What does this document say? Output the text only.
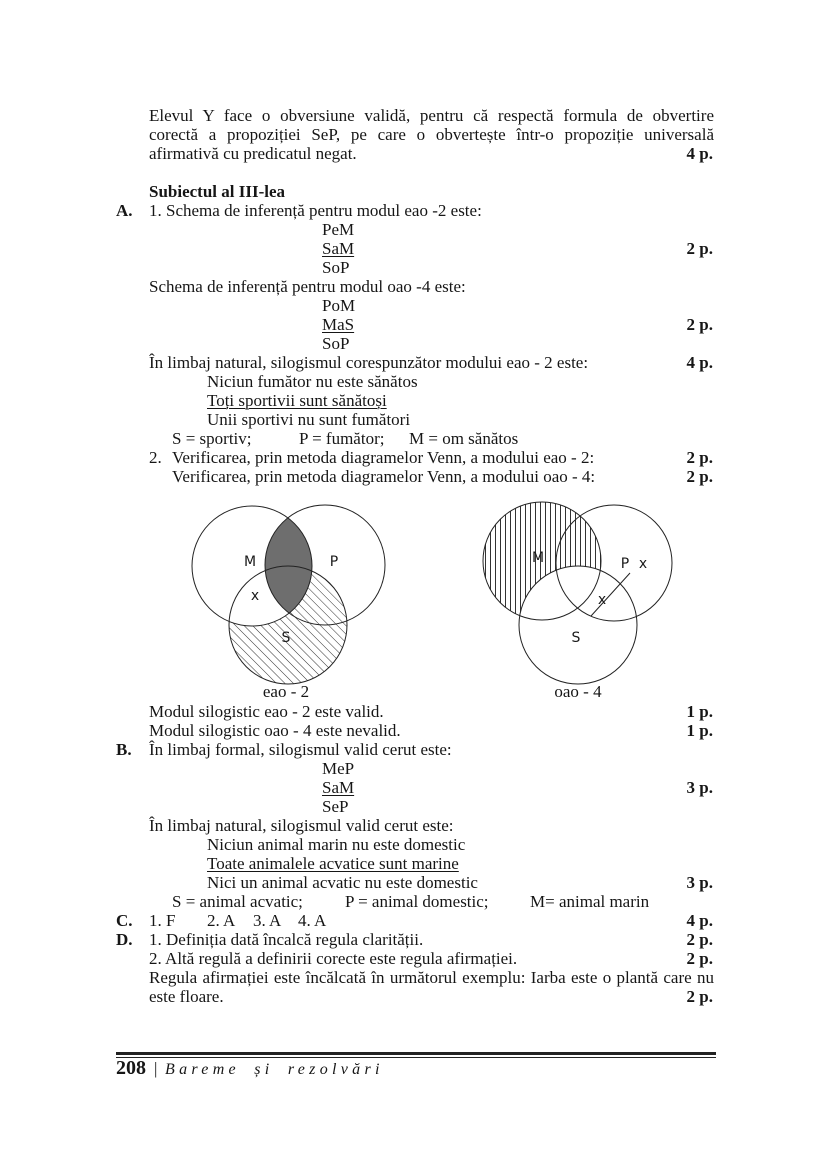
Elevul Y face o obversiune validă, pentru că respectă formula de obvertire
corectă a propoziției SeP, pe care o obvertește într-o propoziție universală
afirmativă cu predicatul negat.	4 p.
Subiectul al III-lea
A. 1. Schema de inferență pentru modul eao -2 este:
PeM
SaM	2 p.
SoP
Schema de inferență pentru modul oao -4 este:
PoM
MaS	2 p.
SoP
În limbaj natural, silogismul corespunzător modului eao - 2 este:	4 p.
Niciun fumător nu este sănătos
Toți sportivii sunt sănătoși
Unii sportivi nu sunt fumători
S = sportiv;	P = fumător; M = om sănătos
2. Verificarea, prin metoda diagramelor Venn, a modului eao - 2:	2 p.
Verificarea, prin metoda diagramelor Venn, a modului oao - 4:	2 p.
M	P
S
x
M	P x
x
S
eao - 2	oao - 4
Modul silogistic eao - 2 este valid.	1 p.
Modul silogistic oao - 4 este nevalid.	1 p.
B. În limbaj formal, silogismul valid cerut este:
MeP
SaM	3 p.
SeP
În limbaj natural, silogismul valid cerut este:
Niciun animal marin nu este domestic
Toate animalele acvatice sunt marine
Nici un animal acvatic nu este domestic	3 p.
S = animal acvatic; P = animal domestic; M= animal marin
C. 1. F 2. A 3. A 4. A	4 p.
D. 1. Definiția dată încalcă regula clarității.	2 p.
2. Altă regulă a definirii corecte este regula afirmației.	2 p.
Regula afirmației este încălcată în următorul exemplu: Iarba este o plantă care nu
este floare.	2 p.
208 | Bareme și rezolvări
